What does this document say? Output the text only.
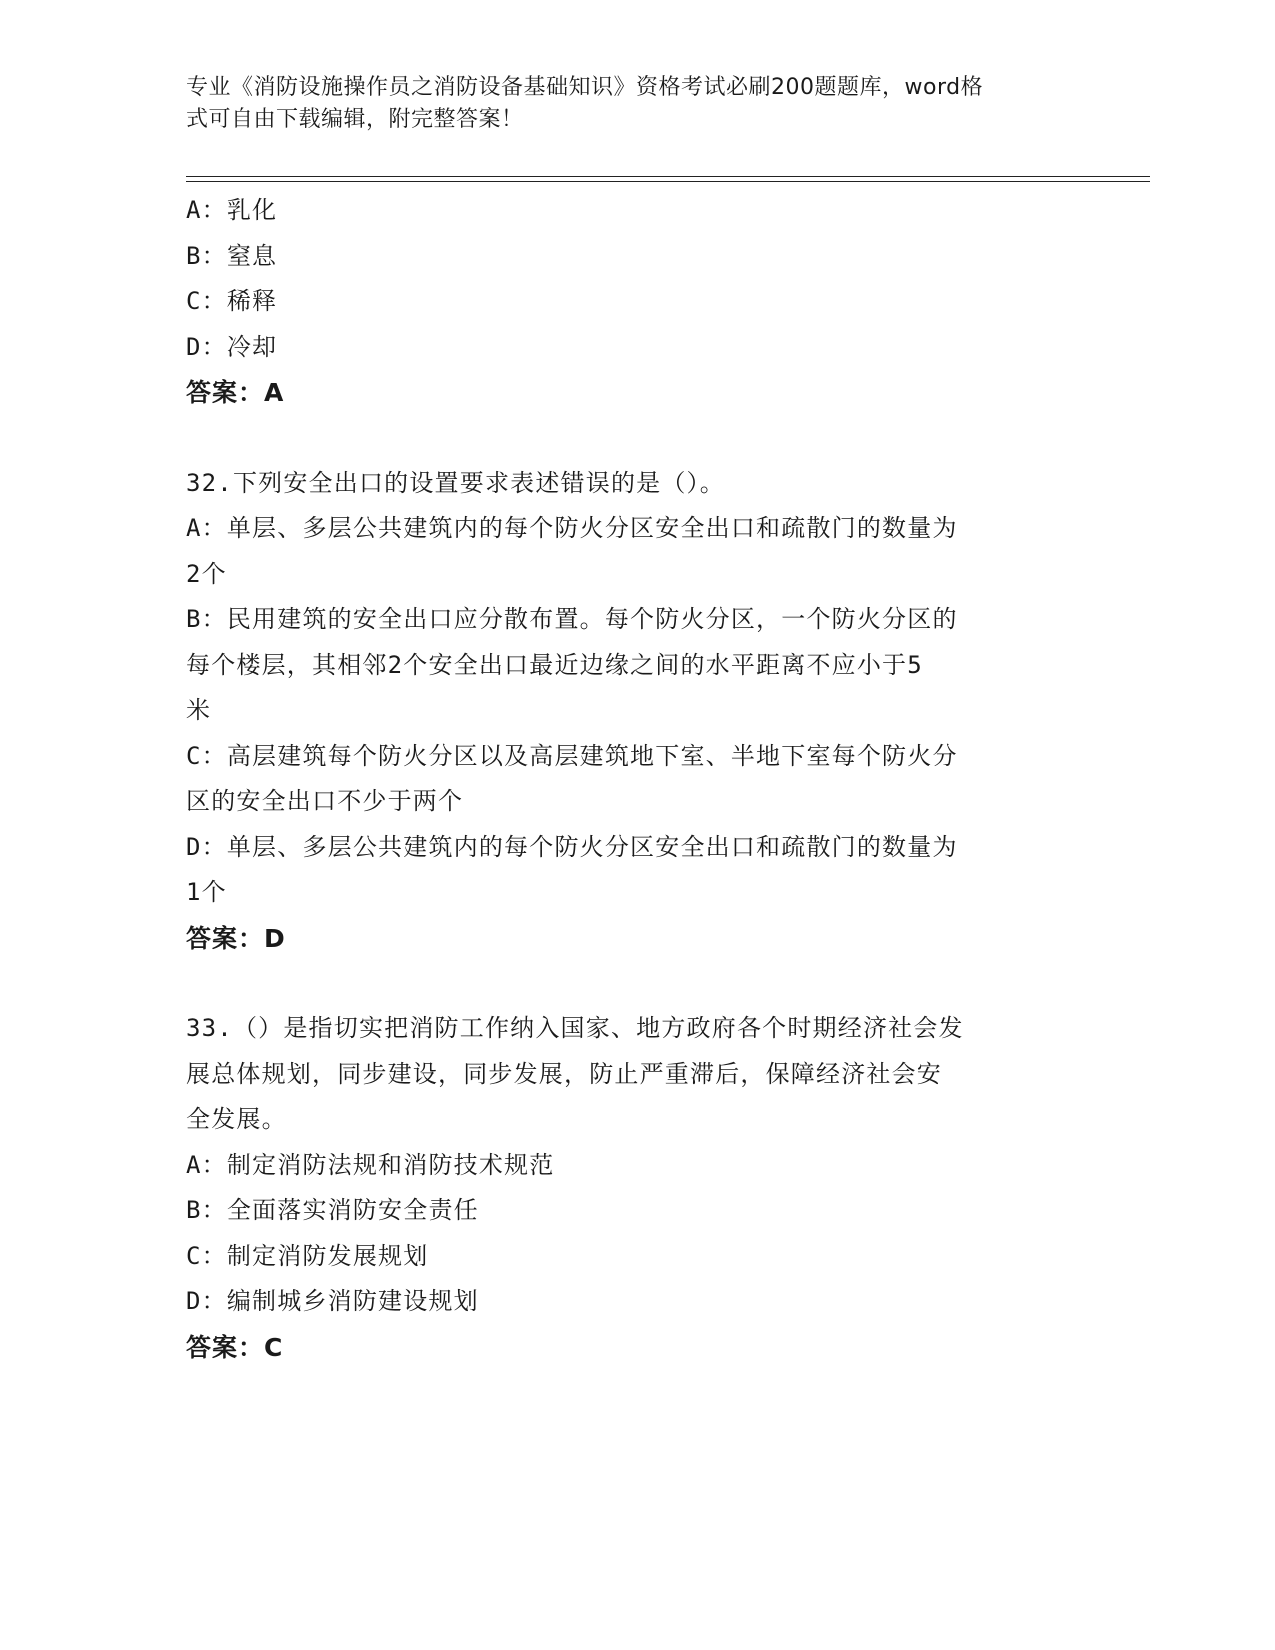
专业《消防设施操作员之消防设备基础知识》资格考试必刷200题题库，word格
式可自由下载编辑，附完整答案！
A：乳化
B：窒息
C：稀释
D：冷却
答案：A
32.下列安全出口的设置要求表述错误的是（）。
A：单层、多层公共建筑内的每个防火分区安全出口和疏散门的数量为
2个
B：民用建筑的安全出口应分散布置。每个防火分区，一个防火分区的
每个楼层，其相邻2个安全出口最近边缘之间的水平距离不应小于5
米
C：高层建筑每个防火分区以及高层建筑地下室、半地下室每个防火分
区的安全出口不少于两个
D：单层、多层公共建筑内的每个防火分区安全出口和疏散门的数量为
1个
答案：D
33.（）是指切实把消防工作纳入国家、地方政府各个时期经济社会发
展总体规划，同步建设，同步发展，防止严重滞后，保障经济社会安
全发展。
A：制定消防法规和消防技术规范
B：全面落实消防安全责任
C：制定消防发展规划
D：编制城乡消防建设规划
答案：C
